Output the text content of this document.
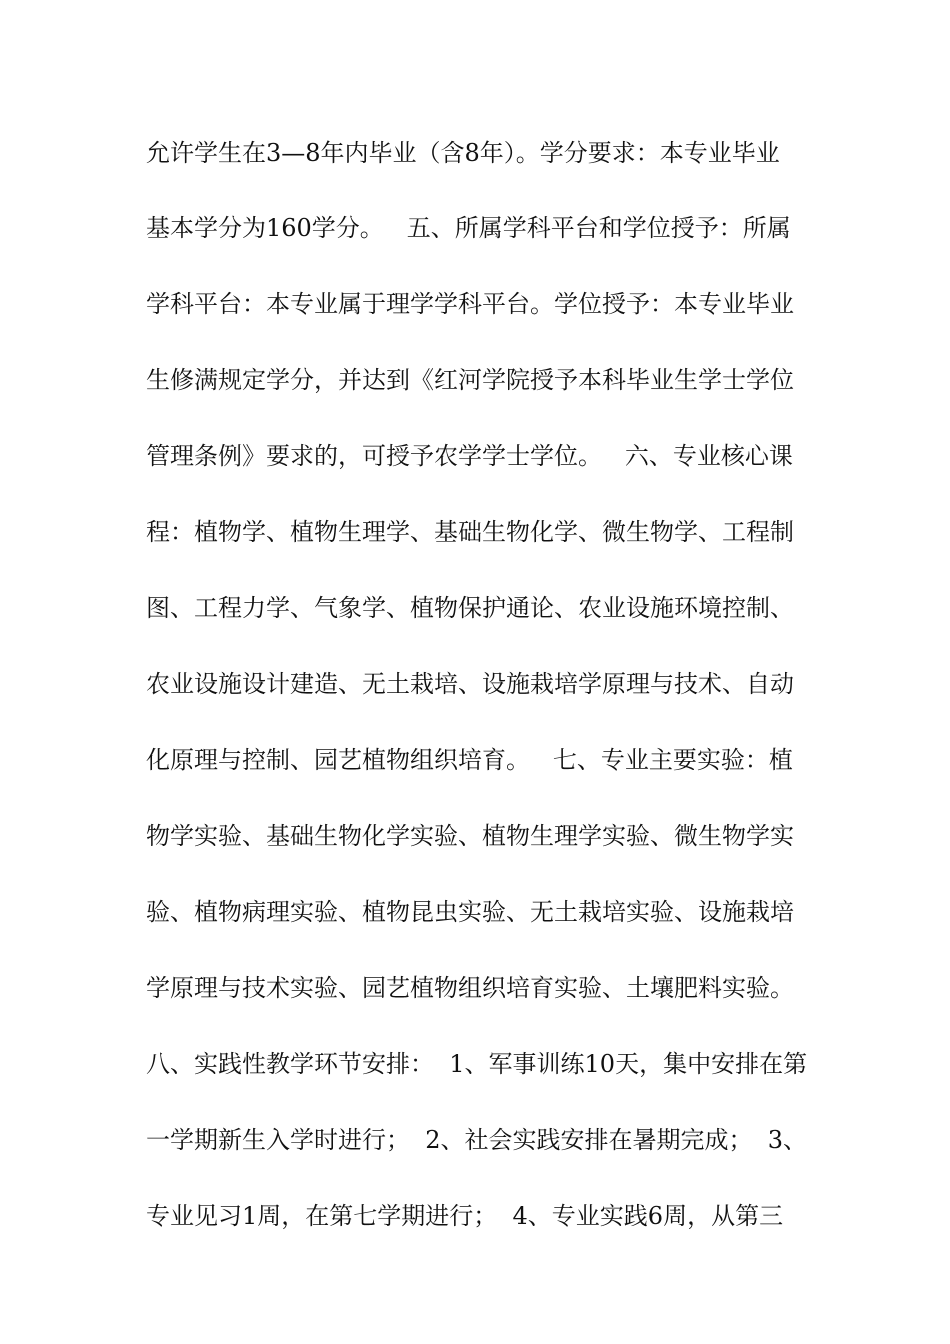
允许学生在3—8年内毕业（含8年）。学分要求：本专业毕业
基本学分为160学分。   五、所属学科平台和学位授予：所属
学科平台：本专业属于理学学科平台。学位授予：本专业毕业
生修满规定学分，并达到《红河学院授予本科毕业生学士学位
管理条例》要求的，可授予农学学士学位。   六、专业核心课
程：植物学、植物生理学、基础生物化学、微生物学、工程制
图、工程力学、气象学、植物保护通论、农业设施环境控制、
农业设施设计建造、无土栽培、设施栽培学原理与技术、自动
化原理与控制、园艺植物组织培育。   七、专业主要实验：植
物学实验、基础生物化学实验、植物生理学实验、微生物学实
验、植物病理实验、植物昆虫实验、无土栽培实验、设施栽培
学原理与技术实验、园艺植物组织培育实验、土壤肥料实验。
八、实践性教学环节安排：  1、军事训练10天，集中安排在第
一学期新生入学时进行；  2、社会实践安排在暑期完成；  3、
专业见习1周，在第七学期进行；  4、专业实践6周，从第三
